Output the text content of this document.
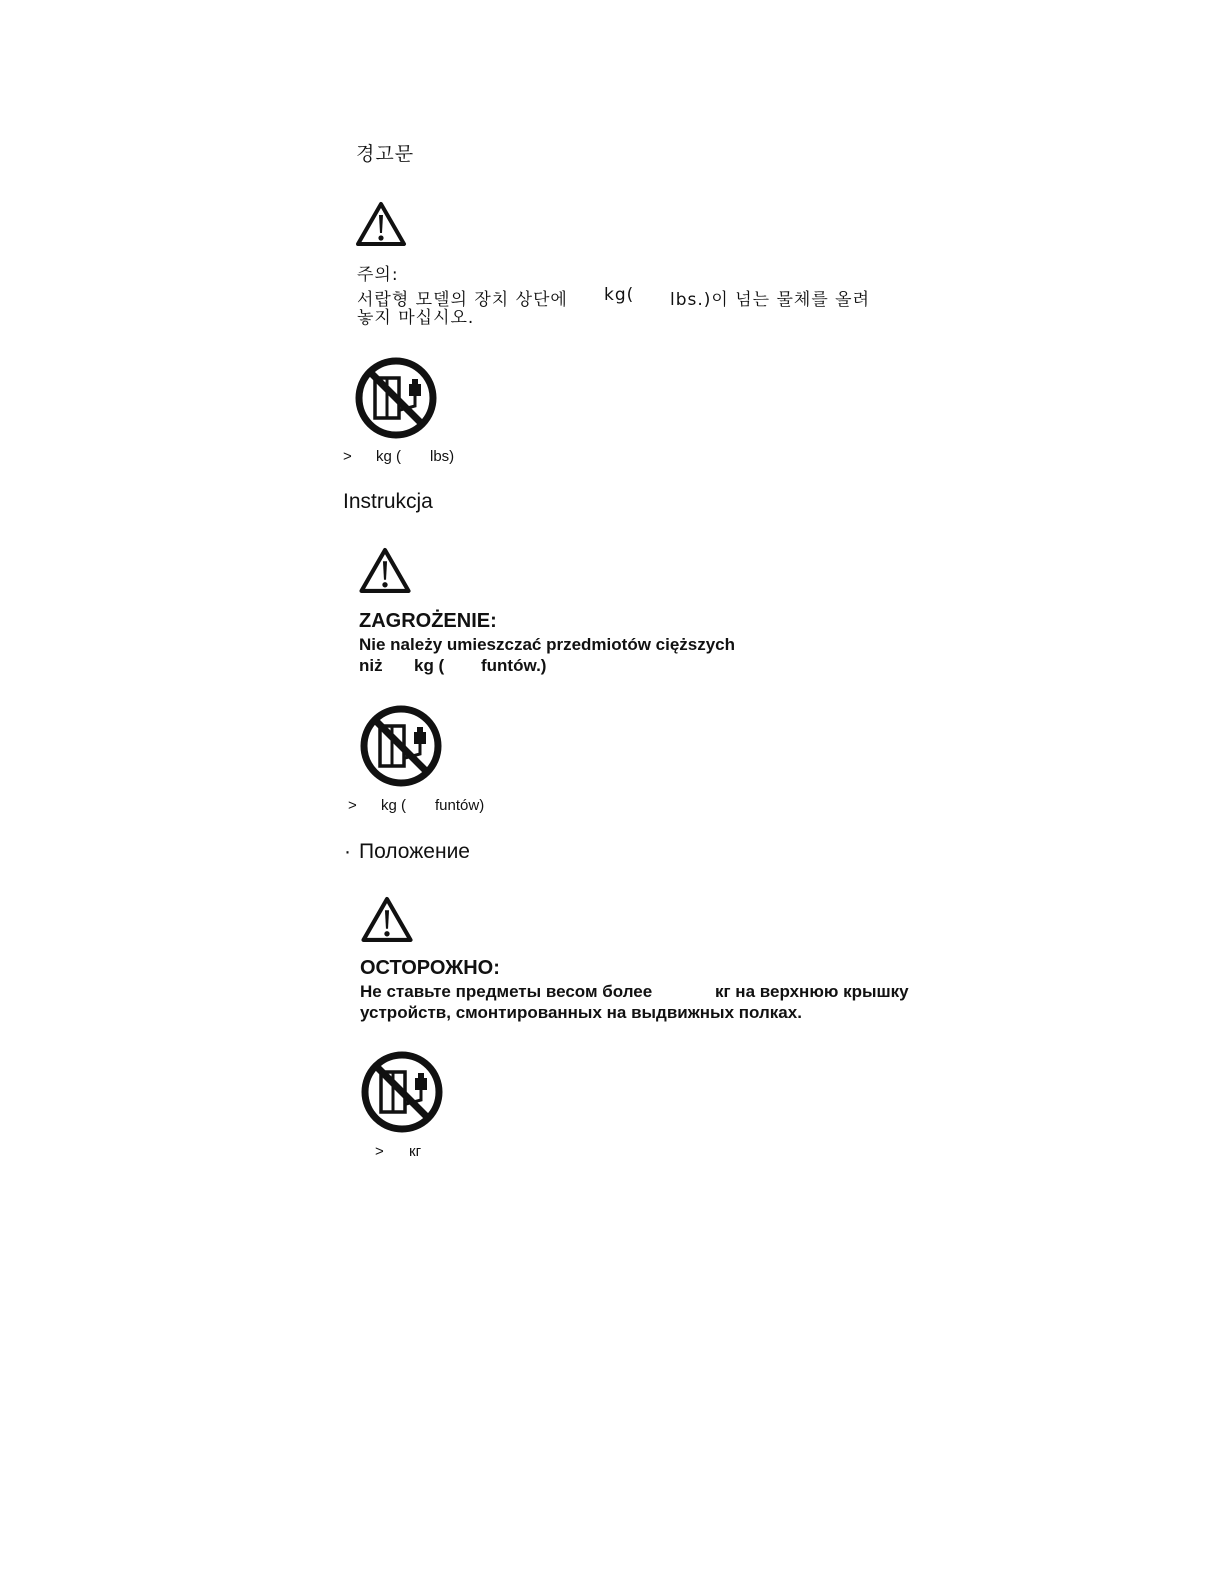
경고문
주의:
서랍형 모델의 장치 상단에 kg( lbs.)이 넘는 물체를 올려
놓지 마십시오.
> kg ( lbs)
Instrukcja
ZAGROŻENIE:
Nie należy umieszczać przedmiotów cięższych
niż kg ( funtów.)
> kg ( funtów)
· Положение
ОСТОРОЖНО:
Не ставьте предметы весом более	кг на верхнюю крышку
устройств, смонтированных на выдвижных полках.
> кг
